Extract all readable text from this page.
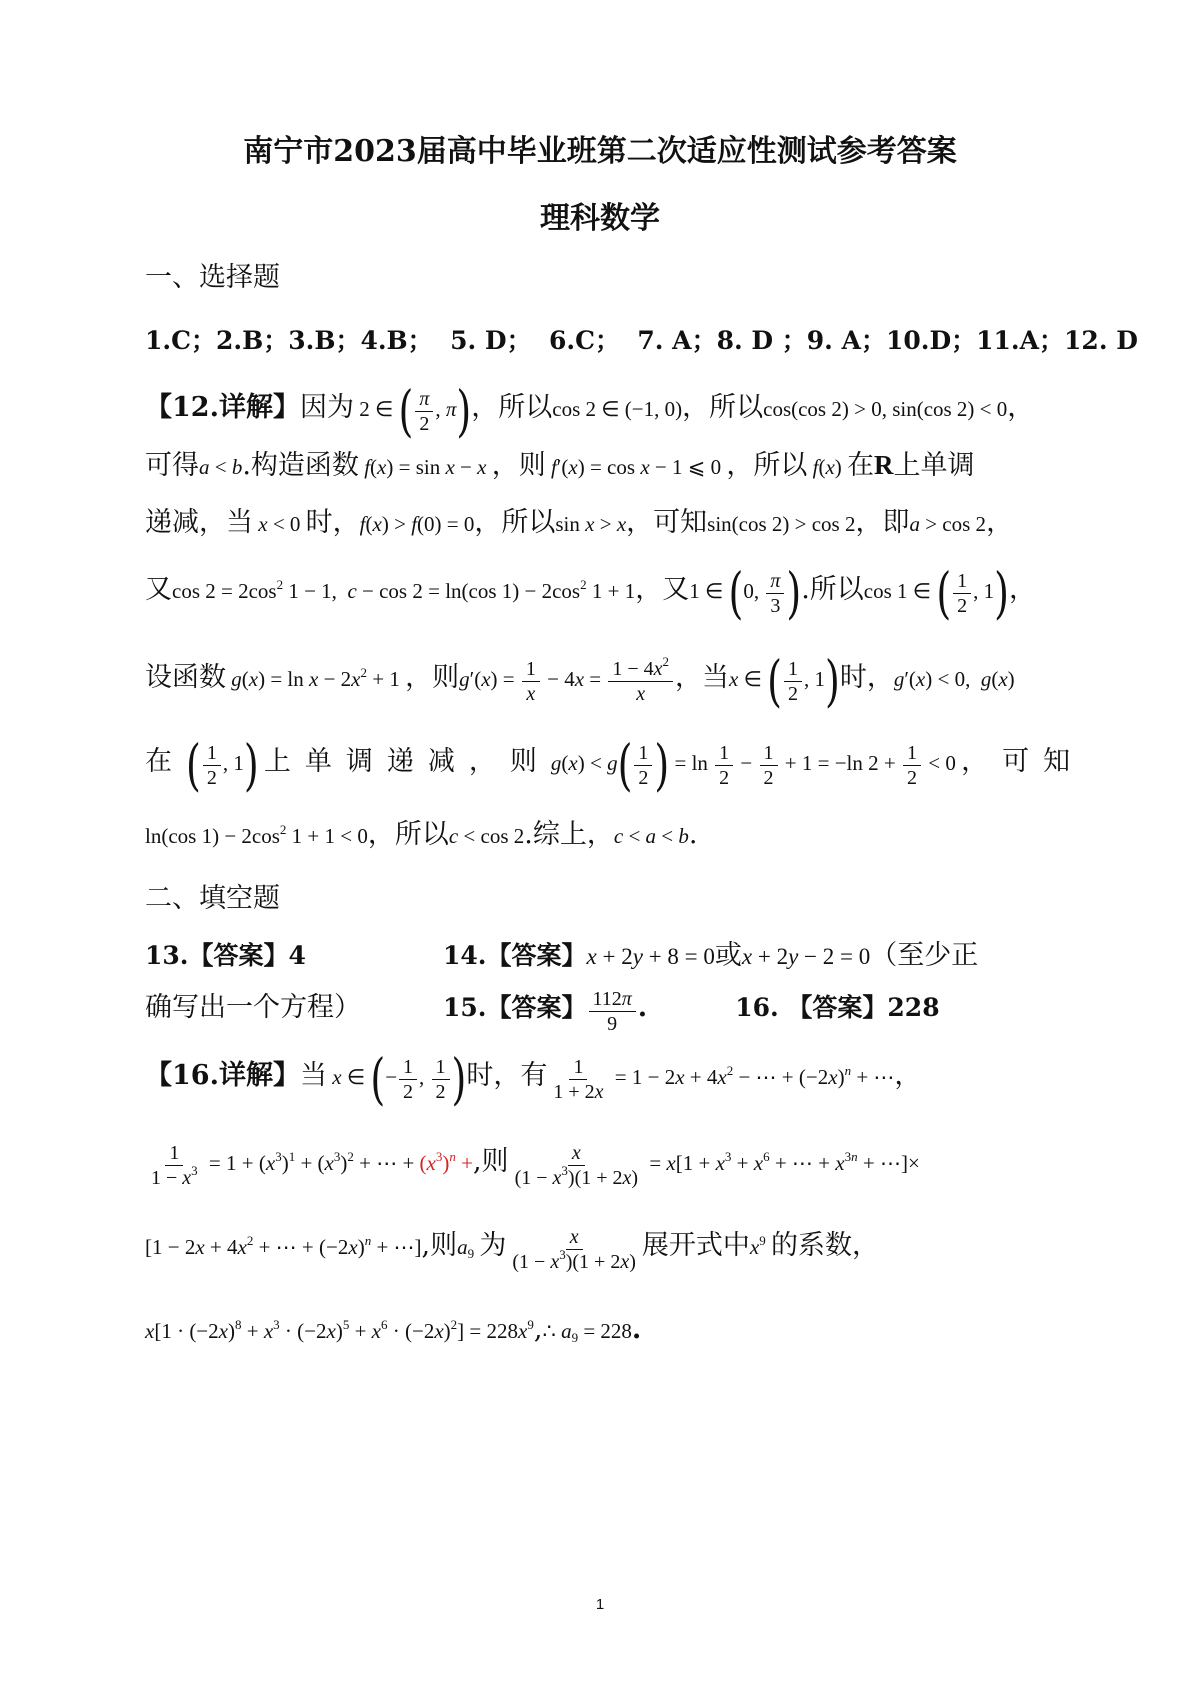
南宁市2023届高中毕业班第二次适应性测试参考答案
理科数学
一、选择题
1.C；2.B；3.B；4.B；  5. D；  6.C；  7. A；8. D ；9. A；10.D；11.A；12. D
【12.详解】因为 2 ∈ ( $\frac{\pi}{2}$ , π)，所以cos 2 ∈ (−1, 0)，所以cos(cos 2) > 0, sin(cos 2) < 0，
可得a < b.构造函数 f(x) = sin x − x ，则 f′(x) = cos x − 1 ⩽ 0 ，所以 f(x) 在R上单调
递减，当 x < 0 时，f(x) > f(0) = 0，所以sin x > x，可知sin(cos 2) > cos 2，即a > cos 2，
又$\cos 2 = 2\cos^2$ 1 − 1,  c − cos 2 = ln(cos $1) - 2\cos^2$ 1 + 1，又1 ∈ (0, $\frac{\pi}{3}$ ).所以cos 1 ∈ ( $\frac{1}{2}$ , 1)，
设函数 $g(x) = \ln x - 2x^2 + 1$ ，则$g'(x) = \frac{1}{x} - 4x = \frac{1 - 4x^2}{x}$ ，当x ∈ ( $\frac{1}{2}$ , 1)时，g′(x) < 0,  g(x)
在( $\frac{1}{2}$ , 1) 上单调递减，则$g(x) < g( \frac{1}{2}$ ) = $\ln \frac{1}{2} - \frac{1}{2} + 1 = -\ln$ $2 + \frac{1}{2} < 0$ ，可知
ln(cos $1) - 2\cos^2$ 1 + 1 < 0，所以c < cos 2.综上，c < a < b.
二、填空题
13.【答案】4	14.【答案】x + 2y + 8 = 0或x + 2y − 2 = 0（至少正
确写出一个方程）	15.【答案】 $\frac{112\pi}{9}$ .	16. 【答案】228
【16.详解】当 x ∈ (− $\frac{1}{2}$ , $\frac{1}{2}$ )时，有 $\frac{1}{1 + 2x} = 1 - 2x + 4x^2$ − ⋯ + $(-2x)^n$ + ⋯，
$\frac{1}{1 - x^3} = 1 + (x^3)^1 + (x^3)^2$ + ⋯ + $(x^3)^n$ +,则 $\frac{x}{(1 - x^3)(1 + 2x)} = x[1 + x^3 + x^6$ + ⋯ + $x^{3n}$ + ⋯]×
[$1 - 2x + 4x^2$ + ⋯ + $(-2x)^n$ + ⋯],则$a_9$ 为 $\frac{x}{(1 - x^3)(1 + 2x)}$ 展开式中$x^9$ 的系数，
$x[1 \cdot (-2x)^8 + x^3 \cdot (-2x)^5 + x^6 \cdot (-2x)^2]$ = $228x^9,\therefore$ $a_9 = 228$.
1
